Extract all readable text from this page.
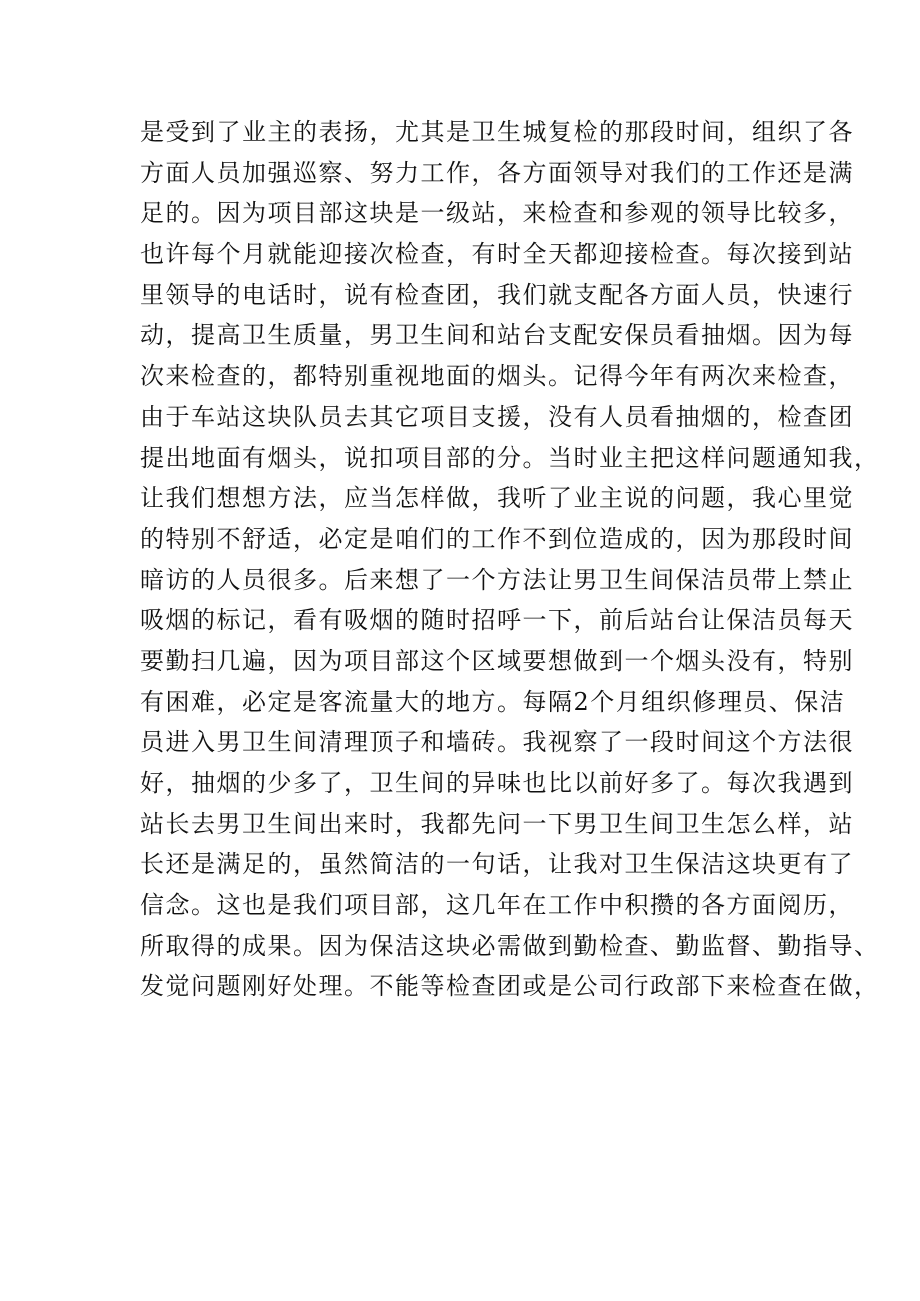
是受到了业主的表扬，尤其是卫生城复检的那段时间，组织了各
方面人员加强巡察、努力工作，各方面领导对我们的工作还是满
足的。因为项目部这块是一级站，来检查和参观的领导比较多，
也许每个月就能迎接次检查，有时全天都迎接检查。每次接到站
里领导的电话时，说有检查团，我们就支配各方面人员，快速行
动，提高卫生质量，男卫生间和站台支配安保员看抽烟。因为每
次来检查的，都特别重视地面的烟头。记得今年有两次来检查，
由于车站这块队员去其它项目支援，没有人员看抽烟的，检查团
提出地面有烟头，说扣项目部的分。当时业主把这样问题通知我，
让我们想想方法，应当怎样做，我听了业主说的问题，我心里觉
的特别不舒适，必定是咱们的工作不到位造成的，因为那段时间
暗访的人员很多。后来想了一个方法让男卫生间保洁员带上禁止
吸烟的标记，看有吸烟的随时招呼一下，前后站台让保洁员每天
要勤扫几遍，因为项目部这个区域要想做到一个烟头没有，特别
有困难，必定是客流量大的地方。每隔2个月组织修理员、保洁
员进入男卫生间清理顶子和墙砖。我视察了一段时间这个方法很
好，抽烟的少多了，卫生间的异味也比以前好多了。每次我遇到
站长去男卫生间出来时，我都先问一下男卫生间卫生怎么样，站
长还是满足的，虽然简洁的一句话，让我对卫生保洁这块更有了
信念。这也是我们项目部，这几年在工作中积攒的各方面阅历，
所取得的成果。因为保洁这块必需做到勤检查、勤监督、勤指导、
发觉问题刚好处理。不能等检查团或是公司行政部下来检查在做，
